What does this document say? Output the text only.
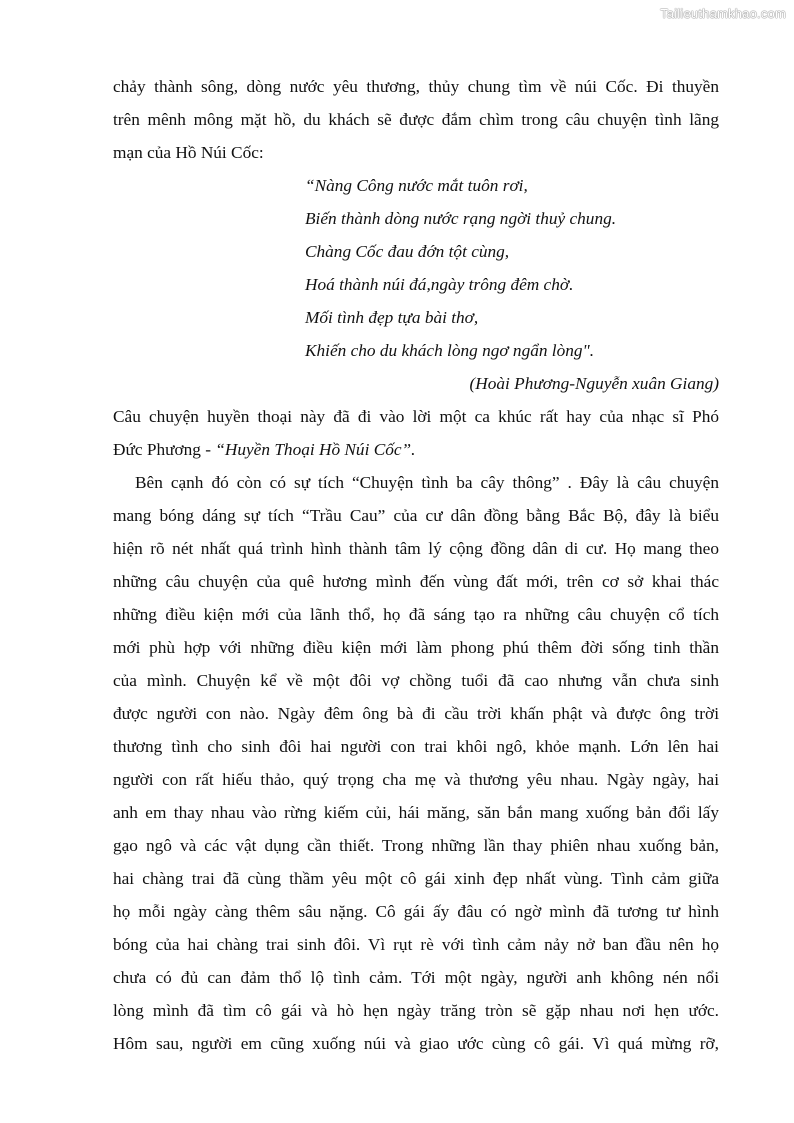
Tailieuthamkhao.com
chảy thành sông, dòng nước yêu thương, thủy chung tìm về núi Cốc. Đi thuyền
trên mênh mông mặt hồ, du khách sẽ được đắm chìm trong câu chuyện tình lãng
mạn của Hồ Núi Cốc:
“Nàng Công nước mắt tuôn rơi,
Biến thành dòng nước rạng ngời thuỷ chung.
Chàng Cốc đau đớn tột cùng,
Hoá thành núi đá,ngày trông đêm chờ.
Mối tình đẹp tựa bài thơ,
Khiến cho du khách lòng ngơ ngẩn lòng".
(Hoài Phương-Nguyễn xuân Giang)
Câu chuyện huyền thoại này đã đi vào lời một ca khúc rất hay của nhạc sĩ Phó
Đức Phương - “Huyền Thoại Hồ Núi Cốc”.
Bên cạnh đó còn có sự tích “Chuyện tình ba cây thông” . Đây là câu chuyện
mang bóng dáng sự tích “Trầu Cau” của cư dân đồng bằng Bắc Bộ, đây là biểu
hiện rõ nét nhất quá trình hình thành tâm lý cộng đồng dân di cư. Họ mang theo
những câu chuyện của quê hương mình đến vùng đất mới, trên cơ sở khai thác
những điều kiện mới của lãnh thổ, họ đã sáng tạo ra những câu chuyện cổ tích
mới phù hợp với những điều kiện mới làm phong phú thêm đời sống tinh thần
của mình. Chuyện kể về một đôi vợ chồng tuổi đã cao nhưng vẫn chưa sinh
được người con nào. Ngày đêm ông bà đi cầu trời khấn phật và được ông trời
thương tình cho sinh đôi hai người con trai khôi ngô, khỏe mạnh. Lớn lên hai
người con rất hiếu thảo, quý trọng cha mẹ và thương yêu nhau. Ngày ngày, hai
anh em thay nhau vào rừng kiếm củi, hái măng, săn bắn mang xuống bản đổi lấy
gạo ngô và các vật dụng cần thiết. Trong những lần thay phiên nhau xuống bản,
hai chàng trai đã cùng thầm yêu một cô gái xinh đẹp nhất vùng. Tình cảm giữa
họ mỗi ngày càng thêm sâu nặng. Cô gái ấy đâu có ngờ mình đã tương tư hình
bóng của hai chàng trai sinh đôi. Vì rụt rè với tình cảm nảy nở ban đầu nên họ
chưa có đủ can đảm thổ lộ tình cảm. Tới một ngày, người anh không nén nổi
lòng mình đã tìm cô gái và hò hẹn ngày trăng tròn sẽ gặp nhau nơi hẹn ước.
Hôm sau, người em cũng xuống núi và giao ước cùng cô gái. Vì quá mừng rỡ,
